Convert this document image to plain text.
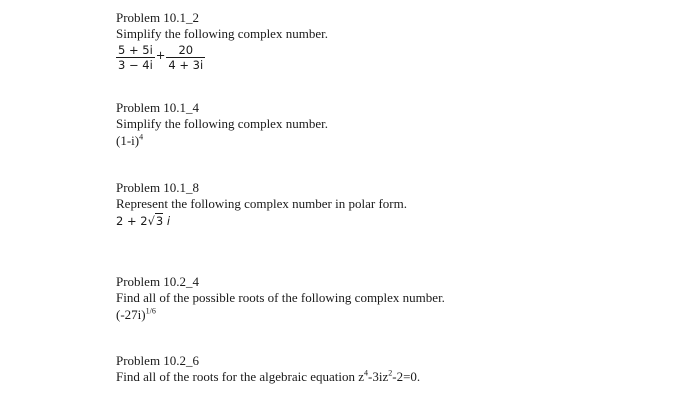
Problem 10.1_2
Simplify the following complex number.
$\frac{5 + 5i}{3 - 4i} + \frac{20}{4 + 3i}$
Problem 10.1_4
Simplify the following complex number.
$(1-i)^4$
Problem 10.1_8
Represent the following complex number in polar form.
2 + 2√3 i
Problem 10.2_4
Find all of the possible roots of the following complex number.
$(-27i)^{1/6}$
Problem 10.2_6
Find all of the roots for the algebraic equation $z^4-3iz^2-2=0$.
